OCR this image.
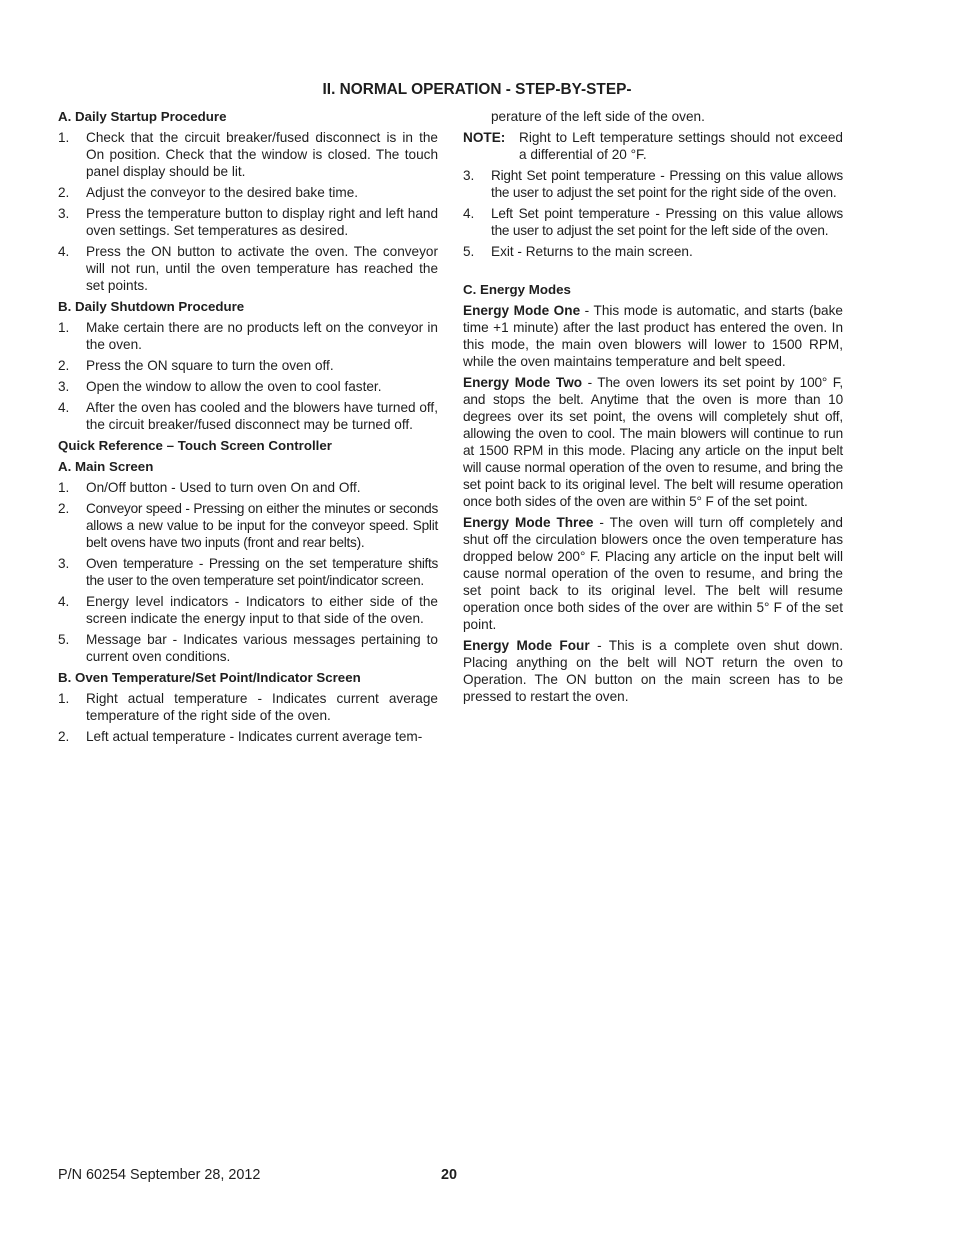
II. NORMAL OPERATION - STEP-BY-STEP-
A. Daily Startup Procedure
1.	Check that the circuit breaker/fused disconnect is in the On position. Check that the window is closed. The touch panel display should be lit.
2.	Adjust the conveyor to the desired bake time.
3.	Press the temperature button to display right and left hand oven settings. Set temperatures as desired.
4.	Press the ON button to activate the oven. The conveyor will not run, until the oven temperature has reached the set points.
B. Daily Shutdown Procedure
1.	Make certain there are no products left on the conveyor in the oven.
2.	Press the ON square to turn the oven off.
3.	Open the window to allow the oven to cool faster.
4.	After the oven has cooled and the blowers have turned off, the circuit breaker/fused disconnect may be turned off.
Quick Reference – Touch Screen Controller
A. Main Screen
1.	On/Off button - Used to turn oven On and Off.
2.	Conveyor speed - Pressing on either the minutes or seconds allows a new value to be input for the conveyor speed. Split belt ovens have two inputs (front and rear belts).
3.	Oven temperature - Pressing on the set temperature shifts the user to the oven temperature set point/indicator screen.
4.	Energy level indicators - Indicators to either side of the screen indicate the energy input to that side of the oven.
5.	Message bar - Indicates various messages pertaining to current oven conditions.
B. Oven Temperature/Set Point/Indicator Screen
1.	Right actual temperature - Indicates current average temperature of the right side of the oven.
2.	Left actual temperature - Indicates current average tem-
perature of the left side of the oven.
NOTE:	Right to Left temperature settings should not exceed a differential of 20 °F.
3.	Right Set point temperature - Pressing on this value allows the user to adjust the set point for the right side of the oven.
4.	Left Set point temperature - Pressing on this value allows the user to adjust the set point for the left side of the oven.
5.	Exit - Returns to the main screen.
C. Energy Modes

Energy Mode One - This mode is automatic, and starts (bake time +1 minute) after the last product has entered the oven. In this mode, the main oven blowers will lower to 1500 RPM, while the oven maintains temperature and belt speed.

Energy Mode Two - The oven lowers its set point by 100° F, and stops the belt. Anytime that the oven is more than 10 degrees over its set point, the ovens will completely shut off, allowing the oven to cool. The main blowers will continue to run at 1500 RPM in this mode. Placing any article on the input belt will cause normal operation of the oven to resume, and bring the set point back to its original level. The belt will resume operation once both sides of the oven are within 5° F of the set point.

Energy Mode Three - The oven will turn off completely and shut off the circulation blowers once the oven temperature has dropped below 200° F. Placing any article on the input belt will cause normal operation of the oven to resume, and bring the set point back to its original level. The belt will resume operation once both sides of the over are within 5° F of the set point.

Energy Mode Four - This is a complete oven shut down. Placing anything on the belt will NOT return the oven to Operation. The ON button on the main screen has to be pressed to restart the oven.

P/N 60254 September 28, 2012	20
